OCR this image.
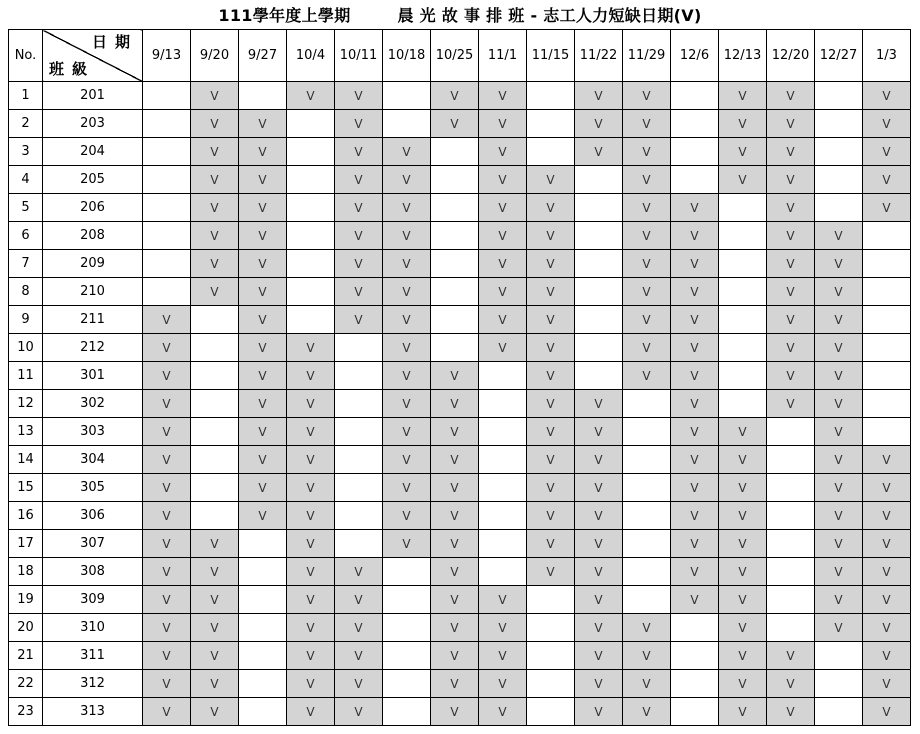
111學年度上學期        晨 光 故 事 排 班 - 志工人力短缺日期(V)
No.	日期
班級	9/13	9/20	9/27	10/4	10/11	10/18	10/25	11/1	11/15	11/22	11/29	12/6	12/13	12/20	12/27	1/3
1	201		V		V	V		V	V		V	V		V	V		V
2	203		V	V		V		V	V		V	V		V	V		V
3	204		V	V		V	V		V		V	V		V	V		V
4	205		V	V		V	V		V	V		V		V	V		V
5	206		V	V		V	V		V	V		V	V		V		V
6	208		V	V		V	V		V	V		V	V		V	V	
7	209		V	V		V	V		V	V		V	V		V	V	
8	210		V	V		V	V		V	V		V	V		V	V	
9	211	V		V		V	V		V	V		V	V		V	V	
10	212	V		V	V		V		V	V		V	V		V	V	
11	301	V		V	V		V	V		V		V	V		V	V	
12	302	V		V	V		V	V		V	V		V		V	V	
13	303	V		V	V		V	V		V	V		V	V		V	
14	304	V		V	V		V	V		V	V		V	V		V	V
15	305	V		V	V		V	V		V	V		V	V		V	V
16	306	V		V	V		V	V		V	V		V	V		V	V
17	307	V	V		V		V	V		V	V		V	V		V	V
18	308	V	V		V	V		V		V	V		V	V		V	V
19	309	V	V		V	V		V	V		V		V	V		V	V
20	310	V	V		V	V		V	V		V	V		V		V	V
21	311	V	V		V	V		V	V		V	V		V	V		V
22	312	V	V		V	V		V	V		V	V		V	V		V
23	313	V	V		V	V		V	V		V	V		V	V		V
